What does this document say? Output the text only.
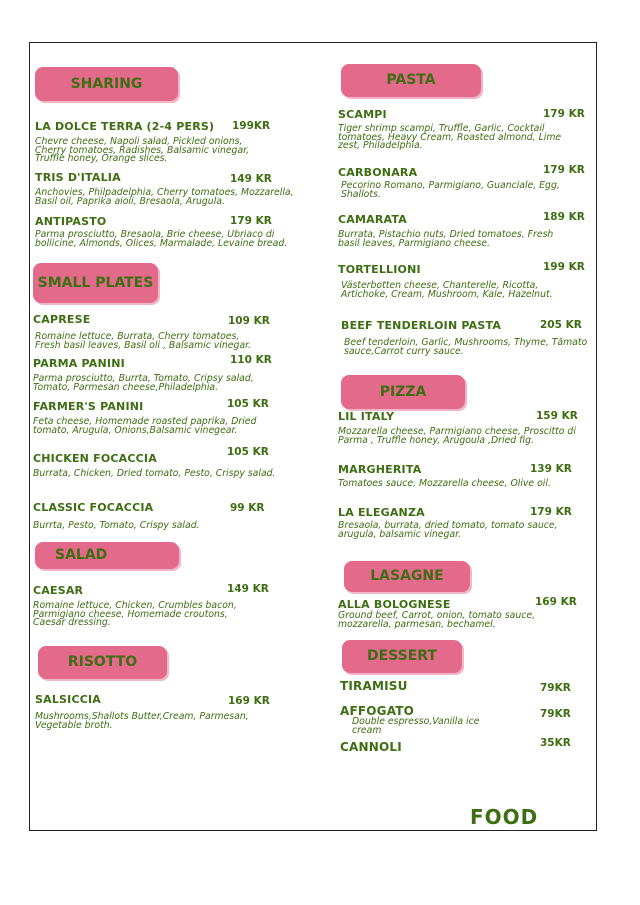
SHARING
LA DOLCE TERRA (2-4 PERS) 199KR
Chevre cheese, Napoli salad, Pickled onions, Cherry tomatoes, Radishes, Balsamic vinegar, Truffle honey, Orange slices.
TRIS D'ITALIA	149 KR
Anchovies, Philpadelphia, Cherry tomatoes, Mozzarella, Basil oil, Paprika aioli, Bresaola, Arugula.
ANTIPASTO	179 KR
Parma prosciutto, Bresaola, Brie cheese, Ubriaco di bollicine, Almonds, Olices, Marmalade, Levaine bread.
SMALL PLATES
CAPRESE	109 KR
Romaine lettuce, Burrata, Cherry tomatoes, Fresh basil leaves, Basil oli , Balsamic vinegar.
PARMA PANINI	110 KR
Parma prosciutto, Burrta, Tomato, Cripsy salad, Tomato, Parmesan cheese,Philadelphia.
FARMER'S PANINI	105 KR
Feta cheese, Homemade roasted paprika, Dried tomato, Arugula, Onions,Balsamic vinegear.
CHICKEN FOCACCIA	105 KR
Burrata, Chicken, Dried tomato, Pesto, Crispy salad.
CLASSIC FOCACCIA	99 KR
Burrta, Pesto, Tomato, Crispy salad.
SALAD
CAESAR	149 KR
Romaine lettuce, Chicken, Crumbles bacon, Parmigiano cheese, Homemade croutons, Caesar dressing.
RISOTTO
SALSICCIA	169 KR
Mushrooms,Shallots Butter,Cream, Parmesan, Vegetable broth.
PASTA
SCAMPI	179 KR
Tiger shrimp scampi, Truffle, Garlic, Cocktail tomatoes, Heavy Cream, Roasted almond, Lime zest, Philadelphia.
CARBONARA	179 KR
Pecorino Romano, Parmigiano, Guanciale, Egg, Shallots.
CAMARATA	189 KR
Burrata, Pistachio nuts, Dried tomatoes, Fresh basil leaves, Parmigiano cheese.
TORTELLIONI	199 KR
Västerbotten cheese, Chanterelle, Ricotta, Artichoke, Cream, Mushroom, Kale, Hazelnut.
BEEF TENDERLOIN PASTA	205 KR
Beef tenderloin, Garlic, Mushrooms, Thyme, Tămato sauce,Carrot curry sauce.
PIZZA
LIL ITALY	159 KR
Mozzarella cheese, Parmigiano cheese, Proscitto di Parma , Truffle honey, Arugoula ,Dried fig.
MARGHERITA	139 KR
Tomatoes sauce, Mozzarella cheese, Olive oil.
LA ELEGANZA	179 KR
Bresaola, burrata, dried tomato, tomato sauce, arugula, balsamic vinegar.
LASAGNE
ALLA BOLOGNESE	169 KR
Ground beef, Carrot, onion, tomato sauce, mozzarella, parmesan, bechamel.
DESSERT
TIRAMISU	79KR
AFFOGATO	79KR
Double espresso,Vanilla ice cream
CANNOLI	35KR
FOOD
